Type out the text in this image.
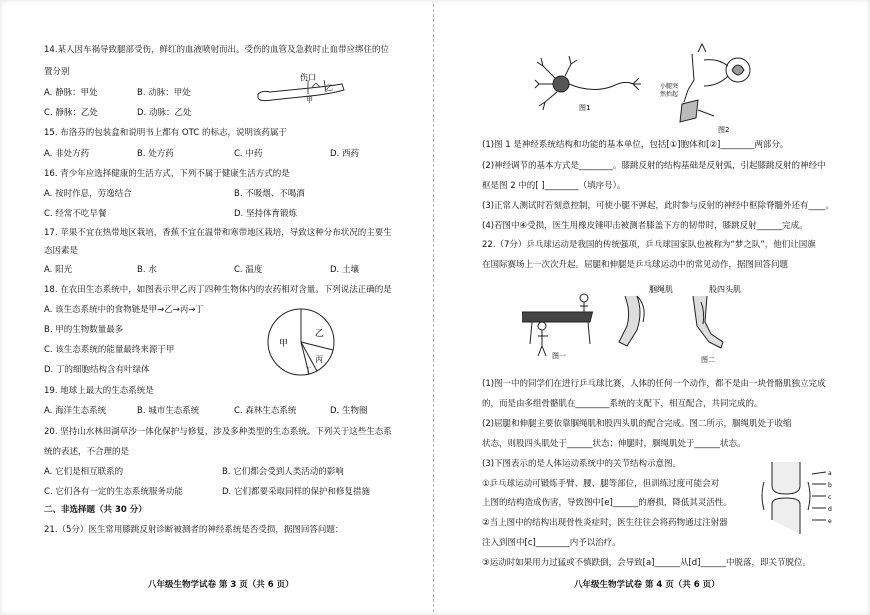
14.某人因车祸导致腿部受伤，鲜红的血液喷射而出。受伤的血管及急救时止血带应绑住的位
置分别
A. 静脉：甲处	B. 动脉：甲处
C. 静脉：乙处	D. 动脉：乙处
伤口
甲
乙
15. 布洛芬的包装盒和说明书上都有 OTC 的标志，说明该药属于
A. 非处方药	B. 处方药	C. 中药	D. 西药
16. 青少年应选择健康的生活方式，下列不属于健康生活方式的是
A. 按时作息，劳逸结合	B. 不吸烟、不喝酒
C. 经常不吃早餐	D. 坚持体育锻炼
17. 苹果不宜在热带地区栽培，香蕉不宜在温带和寒带地区栽培，导致这种分布状况的主要生
态因素是
A. 阳光	B. 水	C. 温度	D. 土壤
18. 在农田生态系统中，如图表示甲乙丙丁四种生物体内的农药相对含量。下列说法正确的是
A. 该生态系统中的食物链是甲→乙→丙→丁
B. 甲的生物数量最多
C. 该生态系统的能量最终来源于甲
D. 丁的细胞结构含有叶绿体
甲
乙
丙
丁
19. 地球上最大的生态系统是
A. 海洋生态系统	B. 城市生态系统	C. 森林生态系统	D. 生物圈
20. 坚持山水林田湖草沙一体化保护与修复，涉及多种类型的生态系统。下列关于这些生态系
统的表述，不合理的是
A. 它们是相互联系的	B. 它们都会受到人类活动的影响
C. 它们各有一定的生态系统服务功能	D. 它们都要采取同样的保护和修复措施
二、非选择题（共 30 分）
21.（5分）医生常用膝跳反射诊断被测者的神经系统是否受损，据图回答问题：
八年级生物学试卷 第 3 页（共 6 页）
图1
小腿突
然抬起
图2
(1)图 1 是神经系统结构和功能的基本单位，包括[①]胞体和[②]________两部分。
(2)神经调节的基本方式是________。膝跳反射的结构基础是反射弧，引起膝跳反射的神经中
枢是图 2 中的[ ]________（填序号）。
(3)正常人测试时若刻意控制，可使小腿不弹起，此时参与反射的神经中枢除脊髓外还有____。
(4)若图中④受损，医生用橡皮锤叩击被测者膝盖下方的韧带时，膝跳反射______完成。
22.（7分）乒乓球运动是我国的传统强项，乒乓球国家队也被称为“梦之队”，他们让国旗
在国际赛场上一次次升起。屈腿和伸腿是乒乓球运动中的常见动作，据图回答问题
图一
腘绳肌	股四头肌
图二
(1)图一中的同学们在进行乒乓球比赛，人体的任何一个动作，都不是由一块骨骼肌独立完成
的，而是由多组骨骼肌在________系统的支配下，相互配合，共同完成的。
(2)屈腿和伸腿主要依靠腘绳肌和股四头肌的配合完成。图二所示，腘绳肌处于收缩
状态，则股四头肌处于______状态；伸腿时，腘绳肌处于______状态。
(3)下图表示的是人体运动系统中的关节结构示意图。
①乒乓球运动可锻炼手臂、腰、腿等部位，但训练过度可能会对
上图的结构造成伤害，导致图中[e]______的磨损，降低其灵活性。
②当上图中的结构出现骨性炎症时，医生往往会将药物通过注射器
注入到图中[c]________内予以治疗。
③运动时如果用力过猛或不慎跌倒，会导致[a]______从[d]______中脱落，即关节脱位。
a
b
c
d
e
八年级生物学试卷 第 4 页（共 6 页）
